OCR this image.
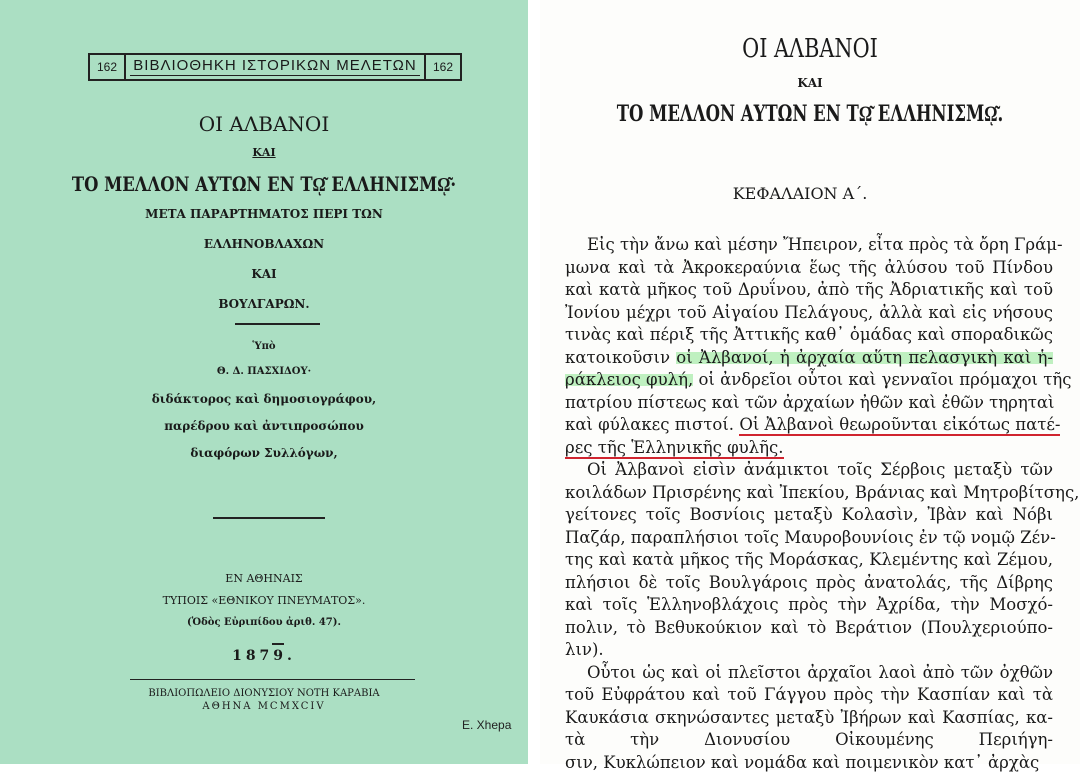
162	ΒΙΒΛΙΟΘΗΚΗ ΙΣΤΟΡΙΚΩΝ ΜΕΛΕΤΩΝ	162
ΟΙ ΑΛΒΑΝΟΙ
ΚΑΙ
ΤΟ ΜΕΛΛΟΝ ΑΥΤΩΝ ΕΝ Τῼ͂ ΕΛΛΗΝΙΣΜῼ͂·
ΜΕΤΑ ΠΑΡΑΡΤΗΜΑΤΟΣ ΠΕΡΙ ΤΩΝ
ΕΛΛΗΝΟΒΛΑΧΩΝ
ΚΑΙ
ΒΟΥΛΓΑΡΩΝ.
Ὑπὸ
Θ. Δ. ΠΑΣΧΙΔΟΥ·
διδάκτορος καὶ δημοσιογράφου,
παρέδρου καὶ ἀντιπροσώπου
διαφόρων Συλλόγων,
ΕΝ ΑΘΗΝΑΙΣ
ΤΥΠΟΙΣ «ΕΘΝΙΚΟΥ ΠΝΕΥΜΑΤΟΣ».
(Ὁδὸς Εὐριπίδου ἀριθ. 47).
1879.
ΒΙΒΛΙΟΠΩΛΕΙΟ ΔΙΟΝΥΣΙΟΥ ΝΟΤΗ ΚΑΡΑΒΙΑ
ΑΘΗΝΑ MCMXCIV
E. Xhepa
ΟΙ ΑΛΒΑΝΟΙ
ΚΑΙ
ΤΟ ΜΕΛΛΟΝ ΑΥΤΩΝ ΕΝ Τῼ͂ ΕΛΛΗΝΙΣΜῼ͂.
ΚΕΦΑΛΑΙΟΝ Α΄.
Εἰς τὴν ἄνω καὶ μέσην Ἤπειρον, εἶτα πρὸς τὰ ὄρη Γράμ-
μωνα καὶ τὰ Ἀκροκεραύνια ἕως τῆς ἀλύσου τοῦ Πίνδου
καὶ κατὰ μῆκος τοῦ Δρυΐνου, ἀπὸ τῆς Ἀδριατικῆς καὶ τοῦ
Ἰονίου μέχρι τοῦ Αἰγαίου Πελάγους, ἀλλὰ καὶ εἰς νήσους
τινὰς καὶ πέριξ τῆς Ἀττικῆς καθ᾽ ὁμάδας καὶ σποραδικῶς
κατοικοῦσιν οἱ Ἀλβανοί, ἡ ἀρχαία αὕτη πελασγικὴ καὶ ἡ-
ράκλειος φυλή, οἱ ἀνδρεῖοι οὗτοι καὶ γενναῖοι πρόμαχοι τῆς
πατρίου πίστεως καὶ τῶν ἀρχαίων ἠθῶν καὶ ἐθῶν τηρηταὶ
καὶ φύλακες πιστοί. Οἱ Ἀλβανοὶ θεωροῦνται εἰκότως πατέ-
ρες τῆς Ἑλληνικῆς φυλῆς.
Οἱ Ἀλβανοὶ εἰσὶν ἀνάμικτοι τοῖς Σέρβοις μεταξὺ τῶν
κοιλάδων Πρισρένης καὶ Ἰπεκίου, Βράνιας καὶ Μητροβίτσης,
γείτονες τοῖς Βοσνίοις μεταξὺ Κολασὶν, Ἰβὰν καὶ Νόβι
Παζάρ, παραπλήσιοι τοῖς Μαυροβουνίοις ἐν τῷ νομῷ Ζέν-
της καὶ κατὰ μῆκος τῆς Μοράσκας, Κλεμέντης καὶ Ζέμου,
πλήσιοι δὲ τοῖς Βουλγάροις πρὸς ἀνατολάς, τῆς Δίβρης
καὶ τοῖς Ἑλληνοβλάχοις πρὸς τὴν Ἀχρίδα, τὴν Μοσχό-
πολιν, τὸ Βεθυκούκιον καὶ τὸ Βεράτιον (Πουλχεριούπο-
λιν).
Οὗτοι ὡς καὶ οἱ πλεῖστοι ἀρχαῖοι λαοὶ ἀπὸ τῶν ὀχθῶν
τοῦ Εὐφράτου καὶ τοῦ Γάγγου πρὸς τὴν Κασπίαν καὶ τὰ
Καυκάσια σκηνώσαντες μεταξὺ Ἰβήρων καὶ Κασπίας, κα-
τὰ τὴν Διονυσίου Οἰκουμένης Περιήγη-
σιν, Κυκλώπειον καὶ νομάδα καὶ ποιμενικὸν κατ᾽ ἀρχὰς
